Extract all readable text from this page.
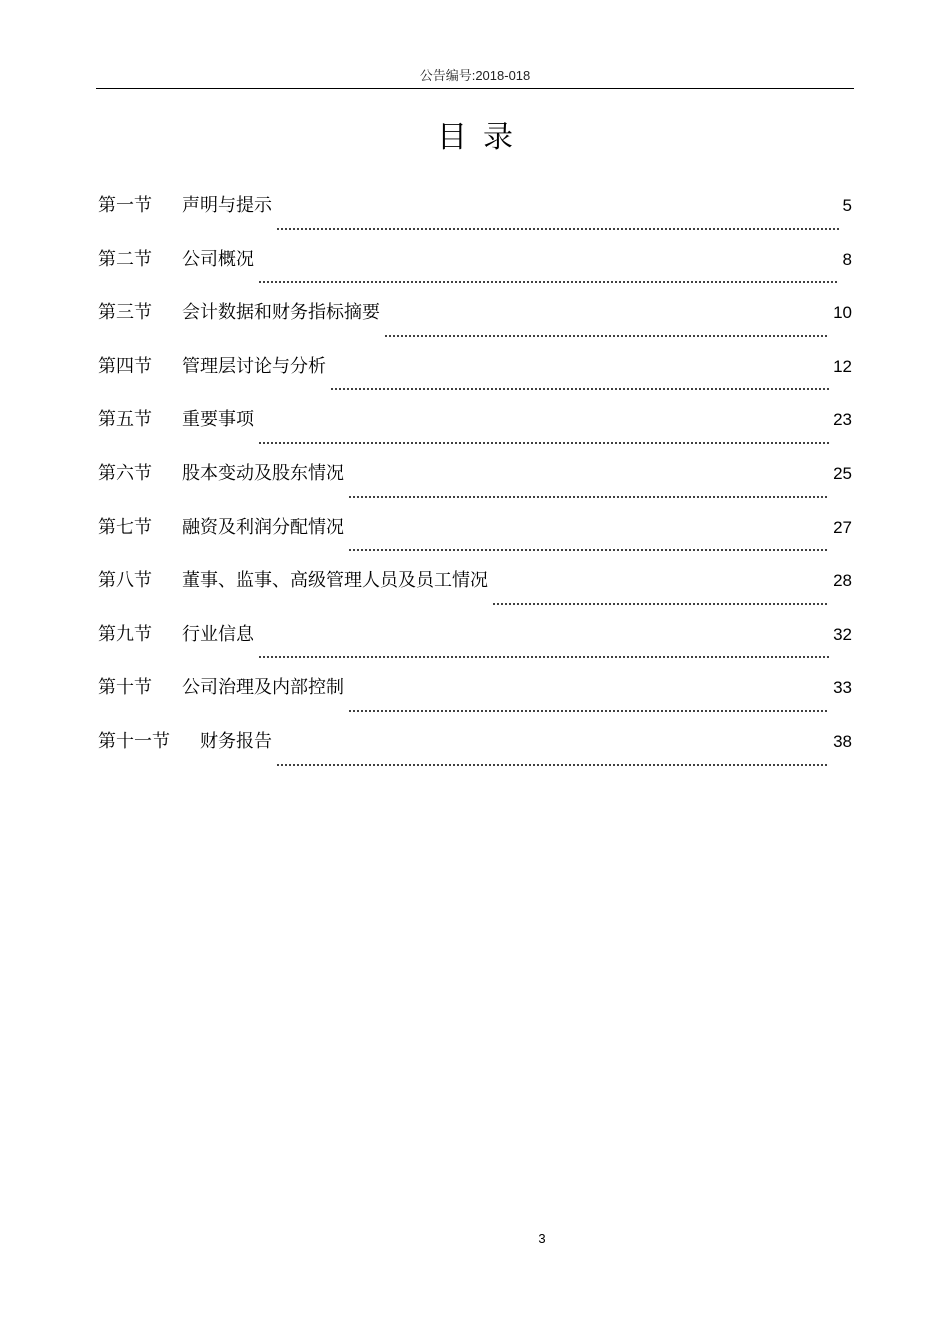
公告编号:2018-018
目录
第一节	声明与提示	5
第二节	公司概况	8
第三节	会计数据和财务指标摘要	10
第四节	管理层讨论与分析	12
第五节	重要事项	23
第六节	股本变动及股东情况	25
第七节	融资及利润分配情况	27
第八节	董事、监事、高级管理人员及员工情况	28
第九节	行业信息	32
第十节	公司治理及内部控制	33
第十一节	财务报告	38
3
